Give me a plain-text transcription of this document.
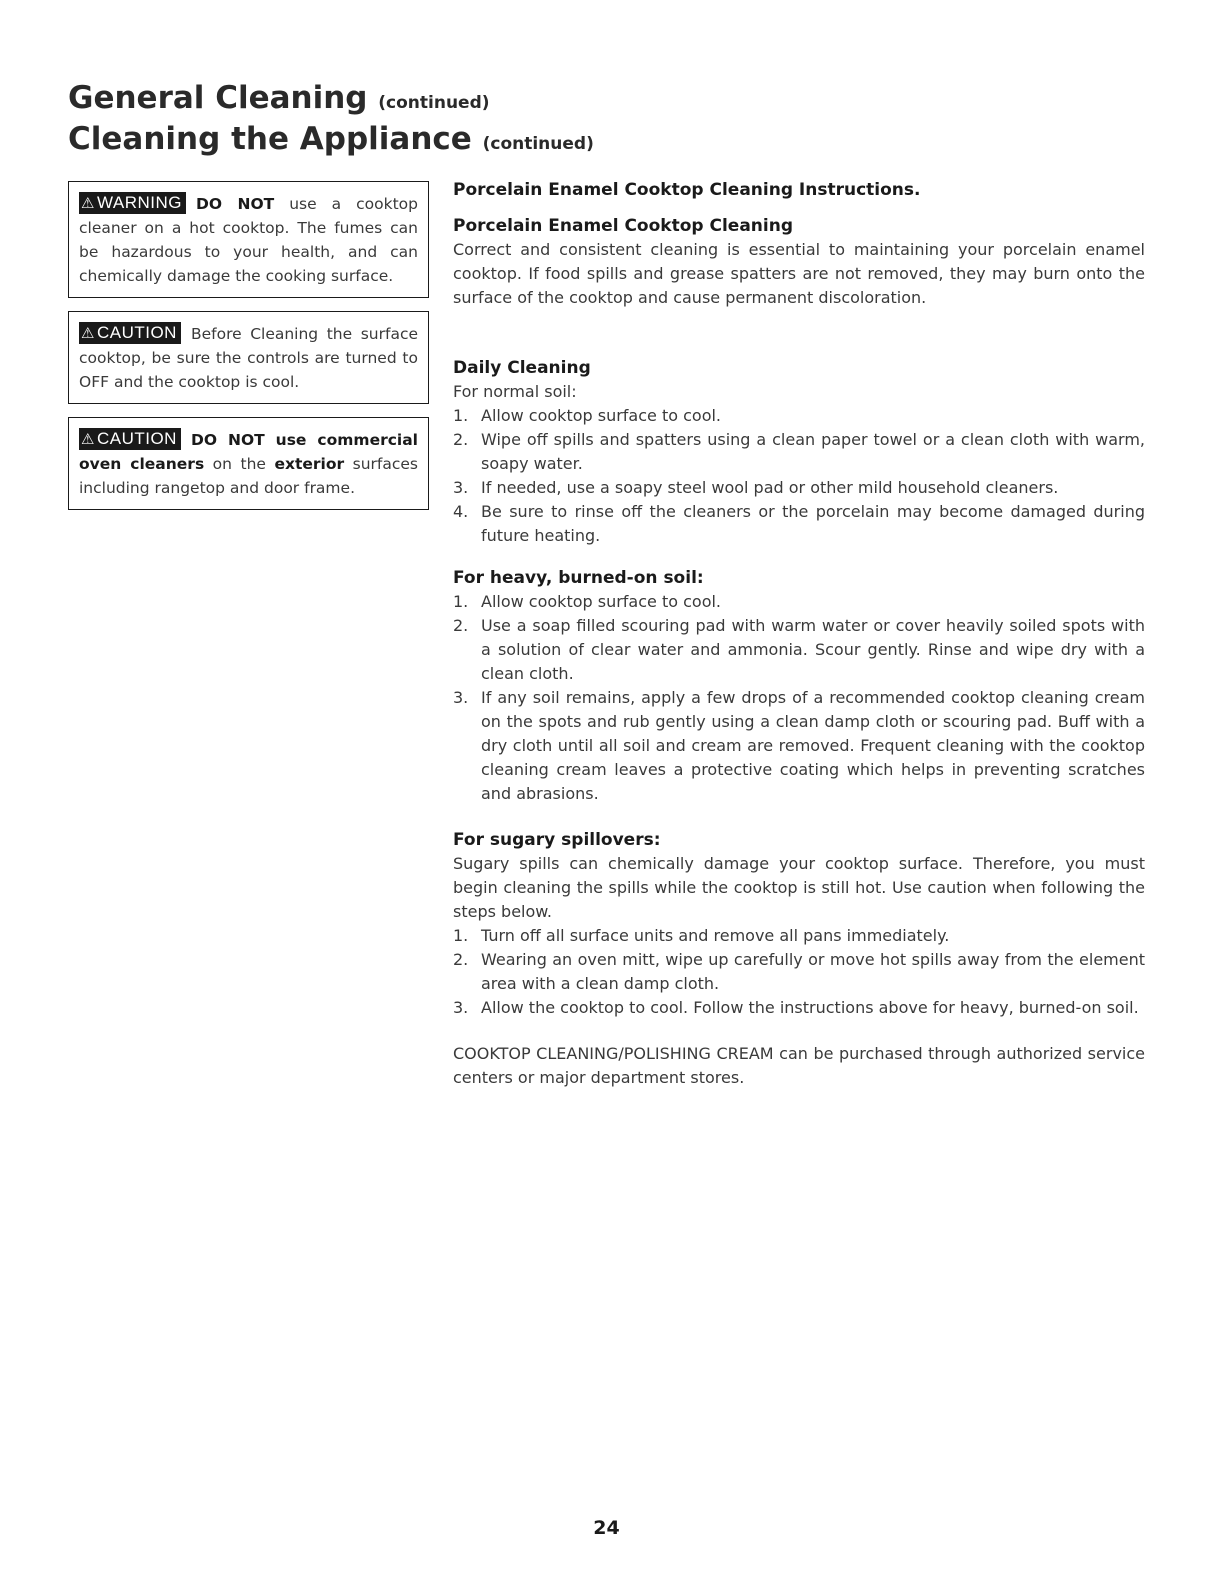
General Cleaning (continued)
Cleaning the Appliance (continued)
⚠ WARNING DO NOT use a cooktop cleaner on a hot cooktop. The fumes can be hazardous to your health, and can chemically damage the cooking surface.
⚠ CAUTION Before Cleaning the surface cooktop, be sure the controls are turned to OFF and the cooktop is cool.
⚠ CAUTION DO NOT use commercial oven cleaners on the exterior surfaces including rangetop and door frame.

Porcelain Enamel Cooktop Cleaning Instructions.

Porcelain Enamel Cooktop Cleaning

Correct and consistent cleaning is essential to maintaining your porcelain enamel cooktop. If food spills and grease spatters are not removed, they may burn onto the surface of the cooktop and cause permanent discoloration.

Daily Cleaning

For normal soil:

1. Allow cooktop surface to cool.
2. Wipe off spills and spatters using a clean paper towel or a clean cloth with warm, soapy water.
3. If needed, use a soapy steel wool pad or other mild household cleaners.
4. Be sure to rinse off the cleaners or the porcelain may become damaged during future heating.

For heavy, burned-on soil:

1. Allow cooktop surface to cool.
2. Use a soap filled scouring pad with warm water or cover heavily soiled spots with a solution of clear water and ammonia. Scour gently. Rinse and wipe dry with a clean cloth.
3. If any soil remains, apply a few drops of a recommended cooktop cleaning cream on the spots and rub gently using a clean damp cloth or scouring pad. Buff with a dry cloth until all soil and cream are removed. Frequent cleaning with the cooktop cleaning cream leaves a protective coating which helps in preventing scratches and abrasions.

For sugary spillovers:

Sugary spills can chemically damage your cooktop surface. Therefore, you must begin cleaning the spills while the cooktop is still hot. Use caution when following the steps below.

1. Turn off all surface units and remove all pans immediately.
2. Wearing an oven mitt, wipe up carefully or move hot spills away from the element area with a clean damp cloth.
3. Allow the cooktop to cool. Follow the instructions above for heavy, burned-on soil.

COOKTOP CLEANING/POLISHING CREAM can be purchased through authorized service centers or major department stores.

24
